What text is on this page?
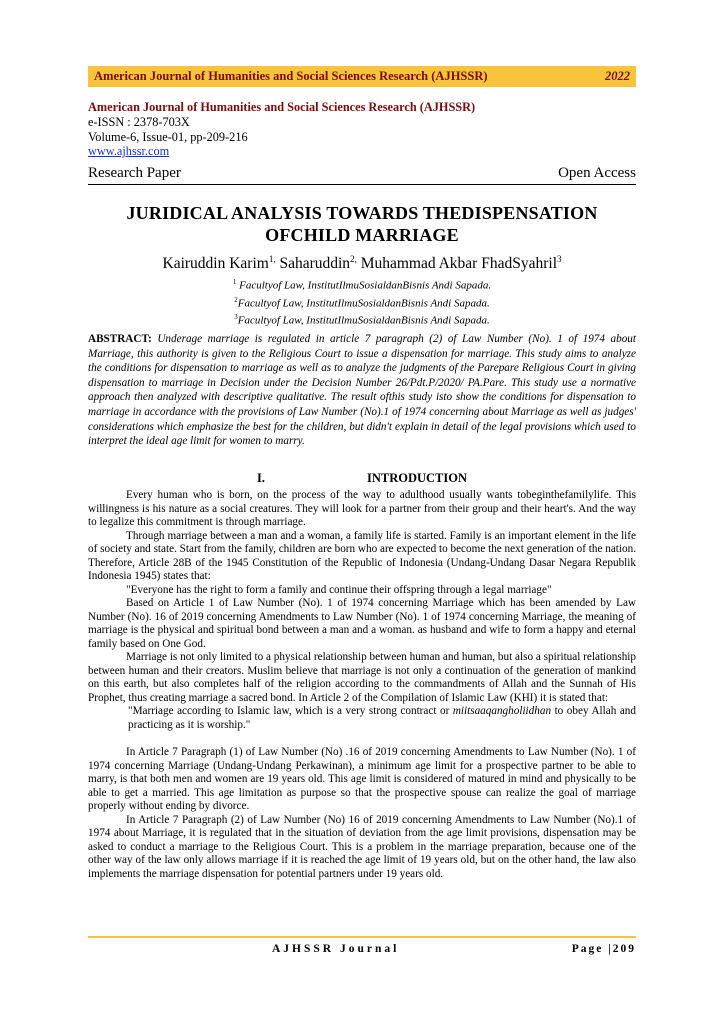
American Journal of Humanities and Social Sciences Research (AJHSSR)	2022
American Journal of Humanities and Social Sciences Research (AJHSSR)
e-ISSN : 2378-703X
Volume-6, Issue-01, pp-209-216
www.ajhssr.com
Research Paper	Open Access
JURIDICAL ANALYSIS TOWARDS THEDISPENSATION
OFCHILD MARRIAGE
Kairuddin Karim$^{1,}$ Saharuddin$^{2,}$ Muhammad Akbar FhadSyahril$^3$
$^1$ Facultyof Law, InstitutIlmuSosialdanBisnis Andi Sapada.
$^2$Facultyof Law, InstitutIlmuSosialdanBisnis Andi Sapada.
$^3$Facultyof Law, InstitutIlmuSosialdanBisnis Andi Sapada.
ABSTRACT: Underage marriage is regulated in article 7 paragraph (2) of Law Number (No). 1 of 1974 about Marriage, this authority is given to the Religious Court to issue a dispensation for marriage. This study aims to analyze the conditions for dispensation to marriage as well as to analyze the judgments of the Parepare Religious Court in giving dispensation to marriage in Decision under the Decision Number 26/Pdt.P/2020/ PA.Pare. This study use a normative approach then analyzed with descriptive qualitative. The result ofthis study isto show the conditions for dispensation to marriage in accordance with the provisions of Law Number (No).1 of 1974 concerning about Marriage as well as judges' considerations which emphasize the best for the children, but didn't explain in detail of the legal provisions which used to interpret the ideal age limit for women to marry.
I.	INTRODUCTION

Every human who is born, on the process of the way to adulthood usually wants tobeginthefamilylife. This willingness is his nature as a social creatures. They will look for a partner from their group and their heart's. And the way to legalize this commitment is through marriage.

Through marriage between a man and a woman, a family life is started. Family is an important element in the life of society and state. Start from the family, children are born who are expected to become the next generation of the nation. Therefore, Article 28B of the 1945 Constitution of the Republic of Indonesia (Undang-Undang Dasar Negara Republik Indonesia 1945) states that:

"Everyone has the right to form a family and continue their offspring through a legal marriage"

Based on Article 1 of Law Number (No). 1 of 1974 concerning Marriage which has been amended by Law Number (No). 16 of 2019 concerning Amendments to Law Number (No). 1 of 1974 concerning Marriage, the meaning of marriage is the physical and spiritual bond between a man and a woman. as husband and wife to form a happy and eternal family based on One God.

Marriage is not only limited to a physical relationship between human and human, but also a spiritual relationship between human and their creators. Muslim believe that marriage is not only a continuation of the generation of mankind on this earth, but also completes half of the religion according to the commandments of Allah and the Sunnah of His Prophet, thus creating marriage a sacred bond. In Article 2 of the Compilation of Islamic Law (KHI) it is stated that:

"Marriage according to Islamic law, which is a very strong contract or miitsaaqangholiidhan to obey Allah and practicing as it is worship."

In Article 7 Paragraph (1) of Law Number (No) .16 of 2019 concerning Amendments to Law Number (No). 1 of 1974 concerning Marriage (Undang-Undang Perkawinan), a minimum age limit for a prospective partner to be able to marry, is that both men and women are 19 years old. This age limit is considered of matured in mind and physically to be able to get a married. This age limitation as purpose so that the prospective spouse can realize the goal of marriage properly without ending by divorce.

In Article 7 Paragraph (2) of Law Number (No) 16 of 2019 concerning Amendments to Law Number (No).1 of 1974 about Marriage, it is regulated that in the situation of deviation from the age limit provisions, dispensation may be asked to conduct a marriage to the Religious Court. This is a problem in the marriage preparation, because one of the other way of the law only allows marriage if it is reached the age limit of 19 years old, but on the other hand, the law also implements the marriage dispensation for potential partners under 19 years old.

AJHSSR Journal	Page |209
